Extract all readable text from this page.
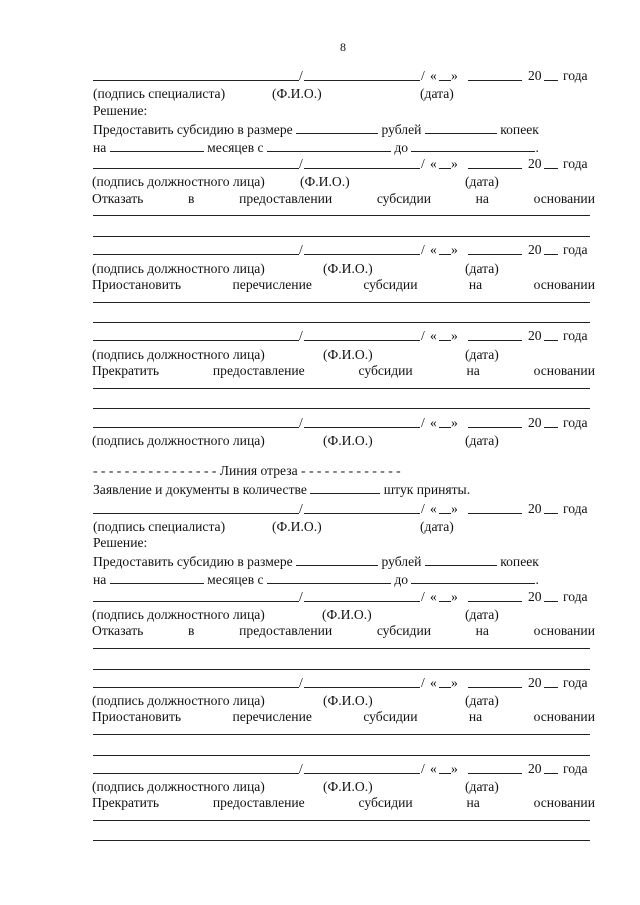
8
/	/ « »	20 года
(подпись специалиста)	(Ф.И.О.)	(дата)
Решение:
Предоставить субсидию в размере	рублей	копеек
на	месяцев с	до	.
/	/ « »	20 года
(подпись должностного лица)	(Ф.И.О.)	(дата)
Отказать	в	предоставлении	субсидии	на	основании
/	/ « »	20 года
(подпись должностного лица)	(Ф.И.О.)	(дата)
Приостановить	перечисление	субсидии	на	основании
/	/ « »	20 года
(подпись должностного лица)	(Ф.И.О.)	(дата)
Прекратить	предоставление	субсидии	на	основании
/	/ « »	20 года
(подпись должностного лица)	(Ф.И.О.)	(дата)
- - - - - - - - - - - - - - - - Линия отреза - - - - - - - - - - - - -
Заявление и документы в количестве	штук приняты.
/	/ « »	20 года
(подпись специалиста)	(Ф.И.О.)	(дата)
Решение:
Предоставить субсидию в размере	рублей	копеек
на	месяцев с	до	.
/	/ « »	20 года
(подпись должностного лица)	(Ф.И.О.)	(дата)
Отказать	в	предоставлении	субсидии	на	основании
/	/ « »	20 года
(подпись должностного лица)	(Ф.И.О.)	(дата)
Приостановить	перечисление	субсидии	на	основании
/	/ « »	20 года
(подпись должностного лица)	(Ф.И.О.)	(дата)
Прекратить	предоставление	субсидии	на	основании
